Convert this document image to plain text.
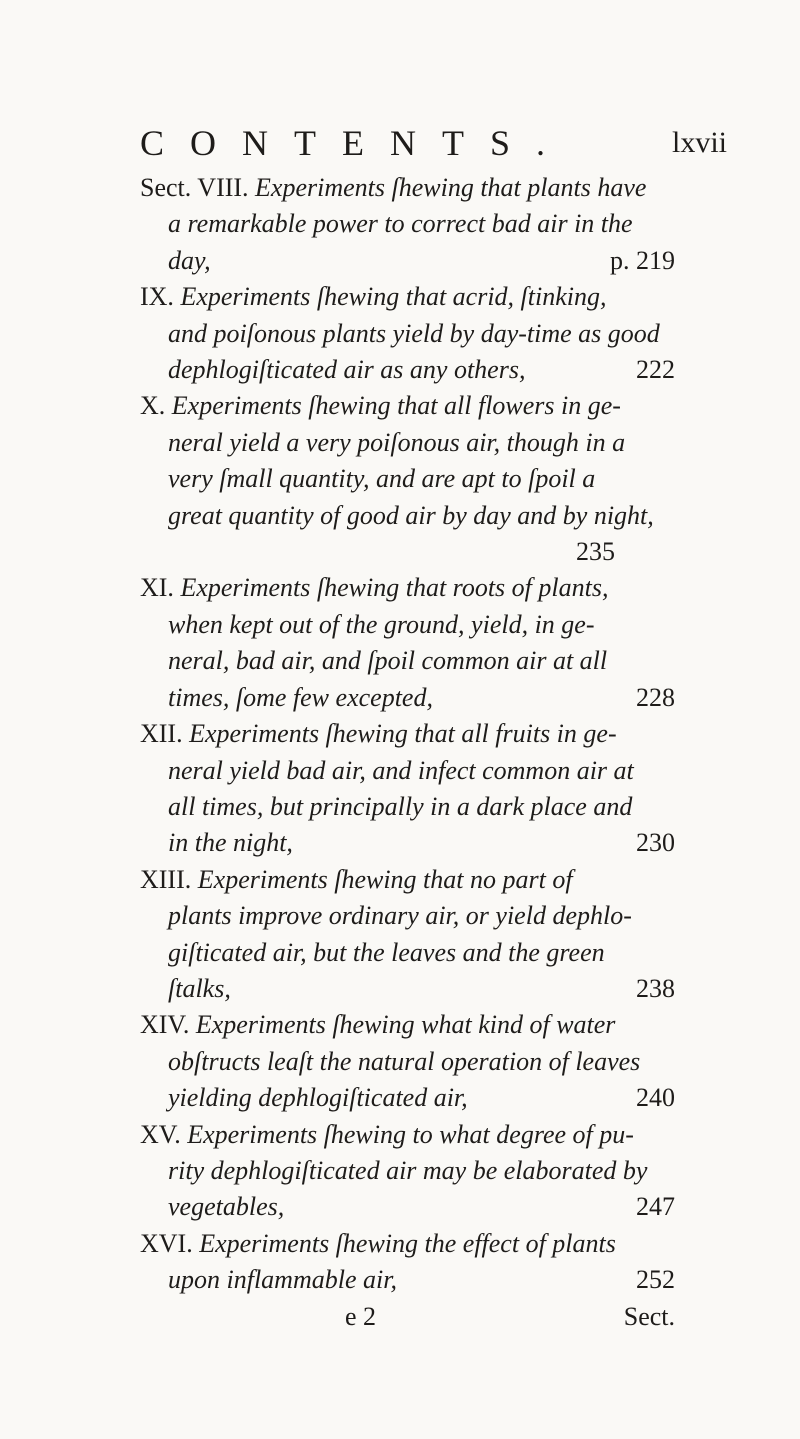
CONTENTS.	lxvii
Sect. VIII. Experiments ſhewing that plants have
a remarkable power to correct bad air in the
day,	p. 219
IX. Experiments ſhewing that acrid, ſtinking,
and poiſonous plants yield by day-time as good
dephlogiſticated air as any others,	222
X. Experiments ſhewing that all flowers in ge-
neral yield a very poiſonous air, though in a
very ſmall quantity, and are apt to ſpoil a
great quantity of good air by day and by night,
235
XI. Experiments ſhewing that roots of plants,
when kept out of the ground, yield, in ge-
neral, bad air, and ſpoil common air at all
times, ſome few excepted,	228
XII. Experiments ſhewing that all fruits in ge-
neral yield bad air, and infect common air at
all times, but principally in a dark place and
in the night,	230
XIII. Experiments ſhewing that no part of
plants improve ordinary air, or yield dephlo-
giſticated air, but the leaves and the green
ſtalks,	238
XIV. Experiments ſhewing what kind of water
obſtructs leaſt the natural operation of leaves
yielding dephlogiſticated air,	240
XV. Experiments ſhewing to what degree of pu-
rity dephlogiſticated air may be elaborated by
vegetables,	247
XVI. Experiments ſhewing the effect of plants
upon inflammable air,	252
e 2	Sect.
